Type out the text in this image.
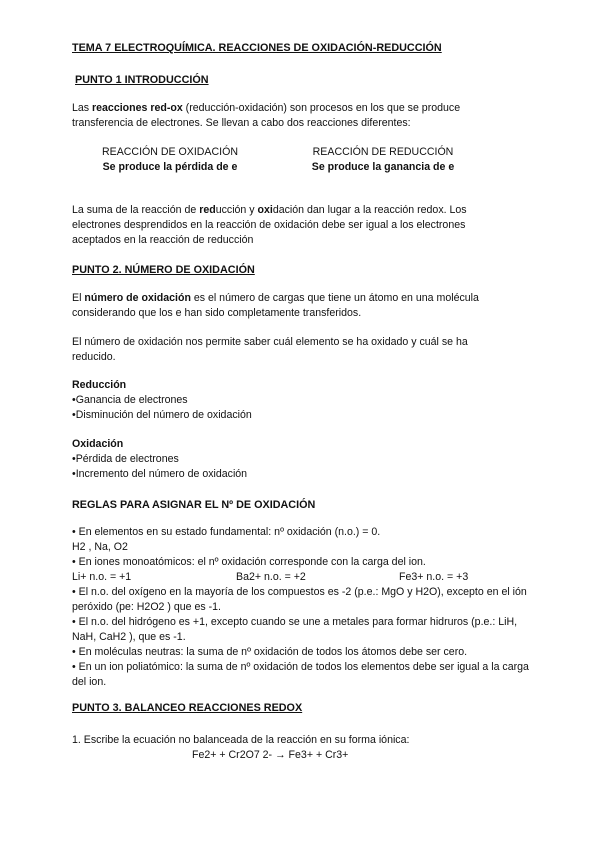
TEMA 7 ELECTROQUÍMICA. REACCIONES DE OXIDACIÓN-REDUCCIÓN
PUNTO 1 INTRODUCCIÓN
Las reacciones red-ox (reducción-oxidación) son procesos en los que se produce transferencia de electrones. Se llevan a cabo dos reacciones diferentes:
REACCIÓN DE OXIDACIÓN
Se produce la pérdida de e
REACCIÓN DE REDUCCIÓN
Se produce la ganancia de e
La suma de la reacción de reducción y oxidación dan lugar a la reacción redox. Los electrones desprendidos en la reacción de oxidación debe ser igual a los electrones aceptados en la reacción de reducción
PUNTO 2. NÚMERO DE OXIDACIÓN
El número de oxidación es el número de cargas que tiene un átomo en una molécula considerando que los e han sido completamente transferidos.
El número de oxidación nos permite saber cuál elemento se ha oxidado y cuál se ha reducido.
Reducción
•Ganancia de electrones
•Disminución del número de oxidación
Oxidación
•Pérdida de electrones
•Incremento del número de oxidación
REGLAS PARA ASIGNAR EL Nº DE OXIDACIÓN
• En elementos en su estado fundamental: nº oxidación (n.o.) = 0.
H2 , Na, O2
• En iones monoatómicos: el nº oxidación corresponde con la carga del ion.
Li+ n.o. = +1	Ba2+ n.o. = +2	Fe3+ n.o. = +3
• El n.o. del oxígeno en la mayoría de los compuestos es -2 (p.e.: MgO y H2O), excepto en el ión peróxido (pe: H2O2 ) que es -1.
• El n.o. del hidrógeno es +1, excepto cuando se une a metales para formar hidruros (p.e.: LiH, NaH, CaH2 ), que es -1.
• En moléculas neutras: la suma de nº oxidación de todos los átomos debe ser cero.
• En un ion poliatómico: la suma de nº oxidación de todos los elementos debe ser igual a la carga del ion.
PUNTO 3. BALANCEO REACCIONES REDOX
1. Escribe la ecuación no balanceada de la reacción en su forma iónica:
Fe2+ + Cr2O7 2- → Fe3+ + Cr3+
